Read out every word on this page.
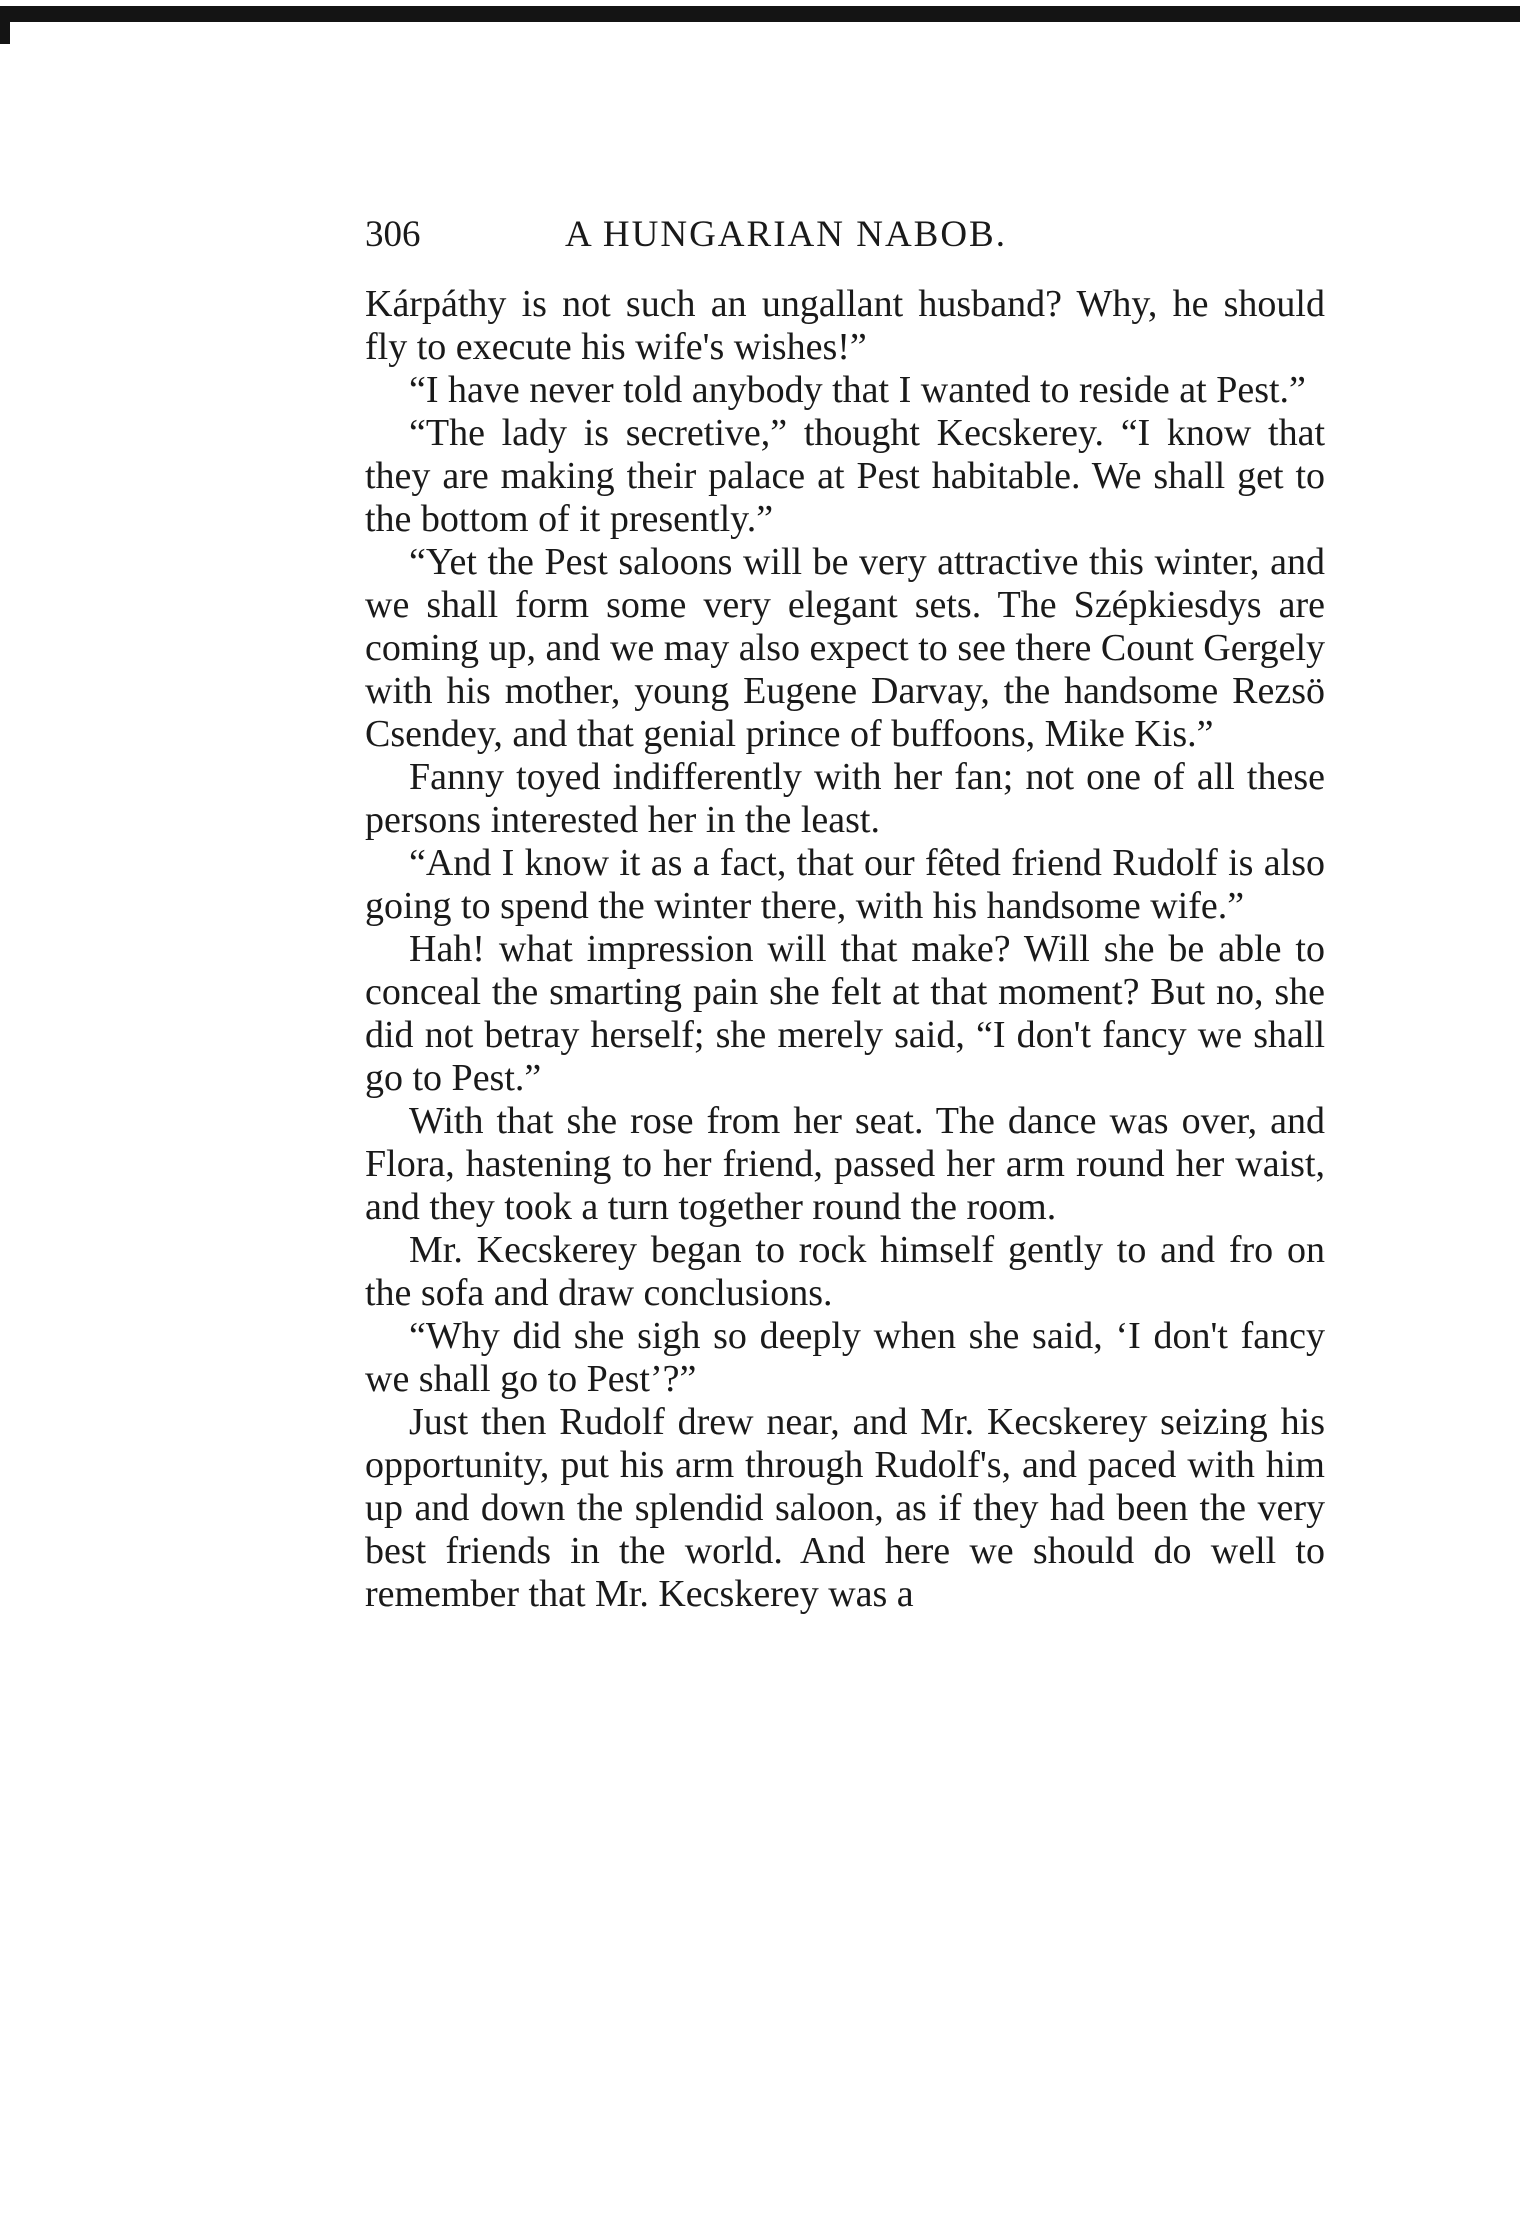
306	A HUNGARIAN NABOB.

Kárpáthy is not such an ungallant husband? Why, he should fly to execute his wife's wishes!”

“I have never told anybody that I wanted to reside at Pest.”

“The lady is secretive,” thought Kecskerey. “I know that they are making their palace at Pest habitable. We shall get to the bottom of it presently.”

“Yet the Pest saloons will be very attractive this winter, and we shall form some very elegant sets. The Szépkiesdys are coming up, and we may also expect to see there Count Gergely with his mother, young Eugene Darvay, the handsome Rezsö Csendey, and that genial prince of buffoons, Mike Kis.”

Fanny toyed indifferently with her fan; not one of all these persons interested her in the least.

“And I know it as a fact, that our fêted friend Rudolf is also going to spend the winter there, with his handsome wife.”

Hah! what impression will that make? Will she be able to conceal the smarting pain she felt at that moment? But no, she did not betray herself; she merely said, “I don't fancy we shall go to Pest.”

With that she rose from her seat. The dance was over, and Flora, hastening to her friend, passed her arm round her waist, and they took a turn together round the room.

Mr. Kecskerey began to rock himself gently to and fro on the sofa and draw conclusions.

“Why did she sigh so deeply when she said, ‘I don't fancy we shall go to Pest’?”

Just then Rudolf drew near, and Mr. Kecskerey seizing his opportunity, put his arm through Rudolf's, and paced with him up and down the splendid saloon, as if they had been the very best friends in the world. And here we should do well to remember that Mr. Kecskerey was a
